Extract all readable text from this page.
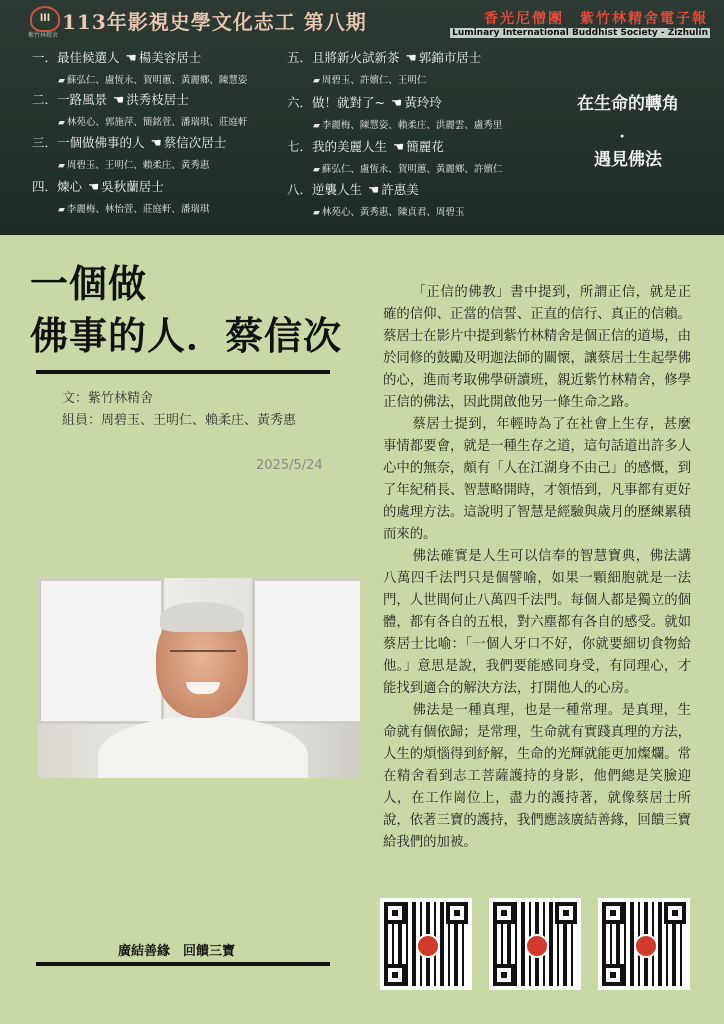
lll
紫竹林精舍
113年影視史學文化志工 第八期	香光尼僧團　紫竹林精舍電子報
Luminary International Buddhist Society - Zizhulin
一．最佳候選人 ☚ 楊美容居士
▰ 蘇弘仁、盧恆永、賀明蕙、黃麗鄉、陳慧姿
二．一路風景 ☚ 洪秀枝居士
▰ 林苑心、郭施萍、簡銘萱、潘瑞琪、莊庭軒
三．一個做佛事的人 ☚ 蔡信次居士
▰ 周碧玉、王明仁、賴柔庄、黃秀惠
四．煉心 ☚ 吳秋蘭居士
▰ 李麗梅、林怡萱、莊庭軒、潘瑞琪
五．且將新火試新茶 ☚ 郭錦市居士
▰ 周碧玉、許嬪仁、王明仁
六．做！就對了~ ☚ 黃玲玲
▰ 李麗梅、陳慧姿、賴柔庄、洪麗雲、盧秀里
七．我的美麗人生 ☚ 簡麗花
▰ 蘇弘仁、盧恆永、賀明蕙、黃麗鄉、許嬪仁
八．逆襲人生 ☚ 許惠美
▰ 林苑心、黃秀惠、陳貞君、周碧玉
在生命的轉角
．
遇見佛法
一個做
佛事的人．蔡信次
文：紫竹林精舍
組員：周碧玉、王明仁、賴柔庄、黃秀惠
2025/5/24
廣結善緣　回饋三寶

「正信的佛教」書中提到，所謂正信，就是正確的信仰、正當的信誓、正直的信行、真正的信賴。蔡居士在影片中提到紫竹林精舍是個正信的道場，由於同修的鼓勵及明迦法師的關懷，讓蔡居士生起學佛的心，進而考取佛學研讀班，親近紫竹林精舍，修學正信的佛法，因此開啟他另一條生命之路。

蔡居士提到，年輕時為了在社會上生存，甚麼事情都要會，就是一種生存之道，這句話道出許多人心中的無奈，頗有「人在江湖身不由己」的感慨，到了年紀稍長、智慧略開時，才領悟到，凡事都有更好的處理方法。這說明了智慧是經驗與歲月的歷練累積而來的。

佛法確實是人生可以信奉的智慧寶典，佛法講八萬四千法門只是個譬喻，如果一顆細胞就是一法門，人世間何止八萬四千法門。每個人都是獨立的個體，都有各自的五根，對六塵都有各自的感受。就如蔡居士比喻：「一個人牙口不好，你就要細切食物給他。」意思是說，我們要能感同身受，有同理心，才能找到適合的解決方法，打開他人的心房。

佛法是一種真理，也是一種常理。是真理，生命就有個依歸；是常理，生命就有實踐真理的方法，人生的煩惱得到紓解，生命的光輝就能更加燦爛。常在精舍看到志工菩薩護持的身影，他們總是笑臉迎人，在工作崗位上，盡力的護持著，就像蔡居士所說，依著三寶的護持，我們應該廣結善緣，回饋三寶給我們的加被。
